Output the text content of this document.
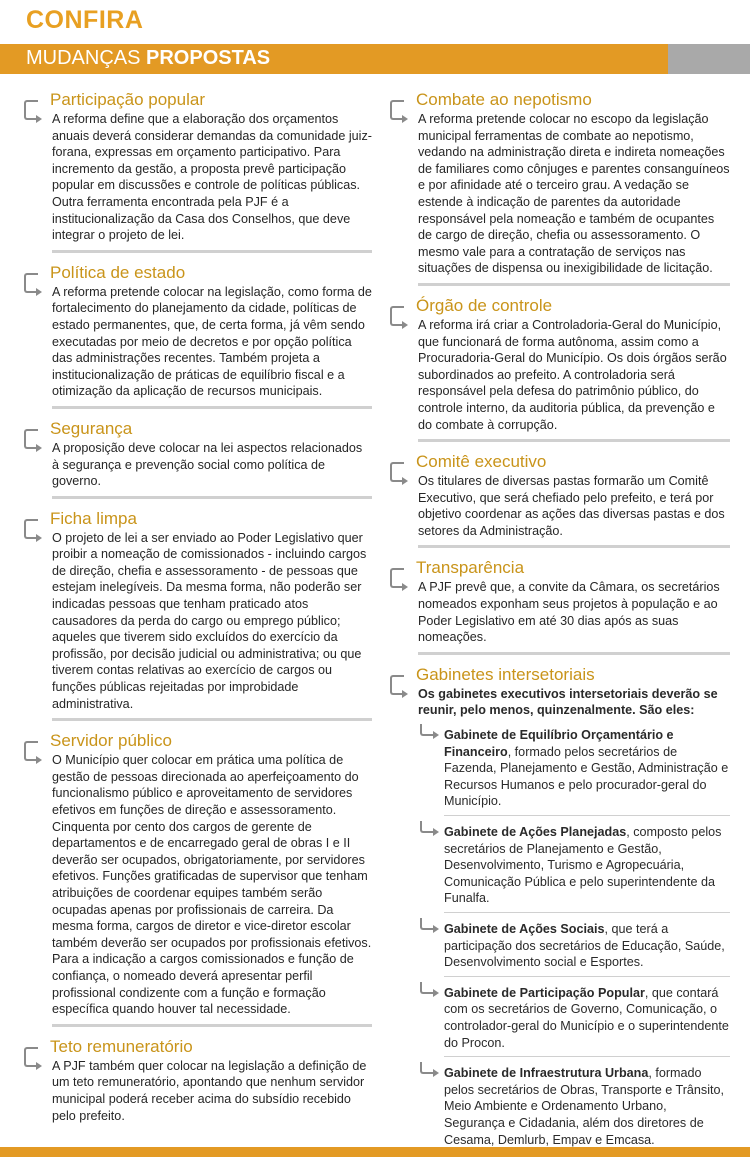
CONFIRA
MUDANÇAS PROPOSTAS
Participação popular
A reforma define que a elaboração dos orçamentos anuais deverá considerar demandas da comunidade juiz-forana, expressas em orçamento participativo. Para incremento da gestão, a proposta prevê participação popular em discussões e controle de políticas públicas. Outra ferramenta encontrada pela PJF é a institucionalização da Casa dos Conselhos, que deve integrar o projeto de lei.
Política de estado
A reforma pretende colocar na legislação, como forma de fortalecimento do planejamento da cidade, políticas de estado permanentes, que, de certa forma, já vêm sendo executadas por meio de decretos e por opção política das administrações recentes. Também projeta a institucionalização de práticas de equilíbrio fiscal e a otimização da aplicação de recursos municipais.
Segurança
A proposição deve colocar na lei aspectos relacionados à segurança e prevenção social como política de governo.
Ficha limpa
O projeto de lei a ser enviado ao Poder Legislativo quer proibir a nomeação de comissionados - incluindo cargos de direção, chefia e assessoramento - de pessoas que estejam inelegíveis. Da mesma forma, não poderão ser indicadas pessoas que tenham praticado atos causadores da perda do cargo ou emprego público; aqueles que tiverem sido excluídos do exercício da profissão, por decisão judicial ou administrativa; ou que tiverem contas relativas ao exercício de cargos ou funções públicas rejeitadas por improbidade administrativa.
Servidor público
O Município quer colocar em prática uma política de gestão de pessoas direcionada ao aperfeiçoamento do funcionalismo público e aproveitamento de servidores efetivos em funções de direção e assessoramento. Cinquenta por cento dos cargos de gerente de departamentos e de encarregado geral de obras I e II deverão ser ocupados, obrigatoriamente, por servidores efetivos. Funções gratificadas de supervisor que tenham atribuições de coordenar equipes também serão ocupadas apenas por profissionais de carreira. Da mesma forma, cargos de diretor e vice-diretor escolar também deverão ser ocupados por profissionais efetivos. Para a indicação a cargos comissionados e função de confiança, o nomeado deverá apresentar perfil profissional condizente com a função e formação específica quando houver tal necessidade.
Teto remuneratório
A PJF também quer colocar na legislação a definição de um teto remuneratório, apontando que nenhum servidor municipal poderá receber acima do subsídio recebido pelo prefeito.
Combate ao nepotismo
A reforma pretende colocar no escopo da legislação municipal ferramentas de combate ao nepotismo, vedando na administração direta e indireta nomeações de familiares como cônjuges e parentes consanguíneos e por afinidade até o terceiro grau. A vedação se estende à indicação de parentes da autoridade responsável pela nomeação e também de ocupantes de cargo de direção, chefia ou assessoramento. O mesmo vale para a contratação de serviços nas situações de dispensa ou inexigibilidade de licitação.
Órgão de controle
A reforma irá criar a Controladoria-Geral do Município, que funcionará de forma autônoma, assim como a Procuradoria-Geral do Município. Os dois órgãos serão subordinados ao prefeito. A controladoria será responsável pela defesa do patrimônio público, do controle interno, da auditoria pública, da prevenção e do combate à corrupção.
Comitê executivo
Os titulares de diversas pastas formarão um Comitê Executivo, que será chefiado pelo prefeito, e terá por objetivo coordenar as ações das diversas pastas e dos setores da Administração.
Transparência
A PJF prevê que, a convite da Câmara, os secretários nomeados exponham seus projetos à população e ao Poder Legislativo em até 30 dias após as suas nomeações.
Gabinetes intersetoriais
Os gabinetes executivos intersetoriais deverão se reunir, pelo menos, quinzenalmente. São eles:
Gabinete de Equilíbrio Orçamentário e Financeiro, formado pelos secretários de Fazenda, Planejamento e Gestão, Administração e Recursos Humanos e pelo procurador-geral do Município.
Gabinete de Ações Planejadas, composto pelos secretários de Planejamento e Gestão, Desenvolvimento, Turismo e Agropecuária, Comunicação Pública e pelo superintendente da Funalfa.
Gabinete de Ações Sociais, que terá a participação dos secretários de Educação, Saúde, Desenvolvimento social e Esportes.
Gabinete de Participação Popular, que contará com os secretários de Governo, Comunicação, o controlador-geral do Município e o superintendente do Procon.
Gabinete de Infraestrutura Urbana, formado pelos secretários de Obras, Transporte e Trânsito, Meio Ambiente e Ordenamento Urbano, Segurança e Cidadania, além dos diretores de Cesama, Demlurb, Empav e Emcasa.
